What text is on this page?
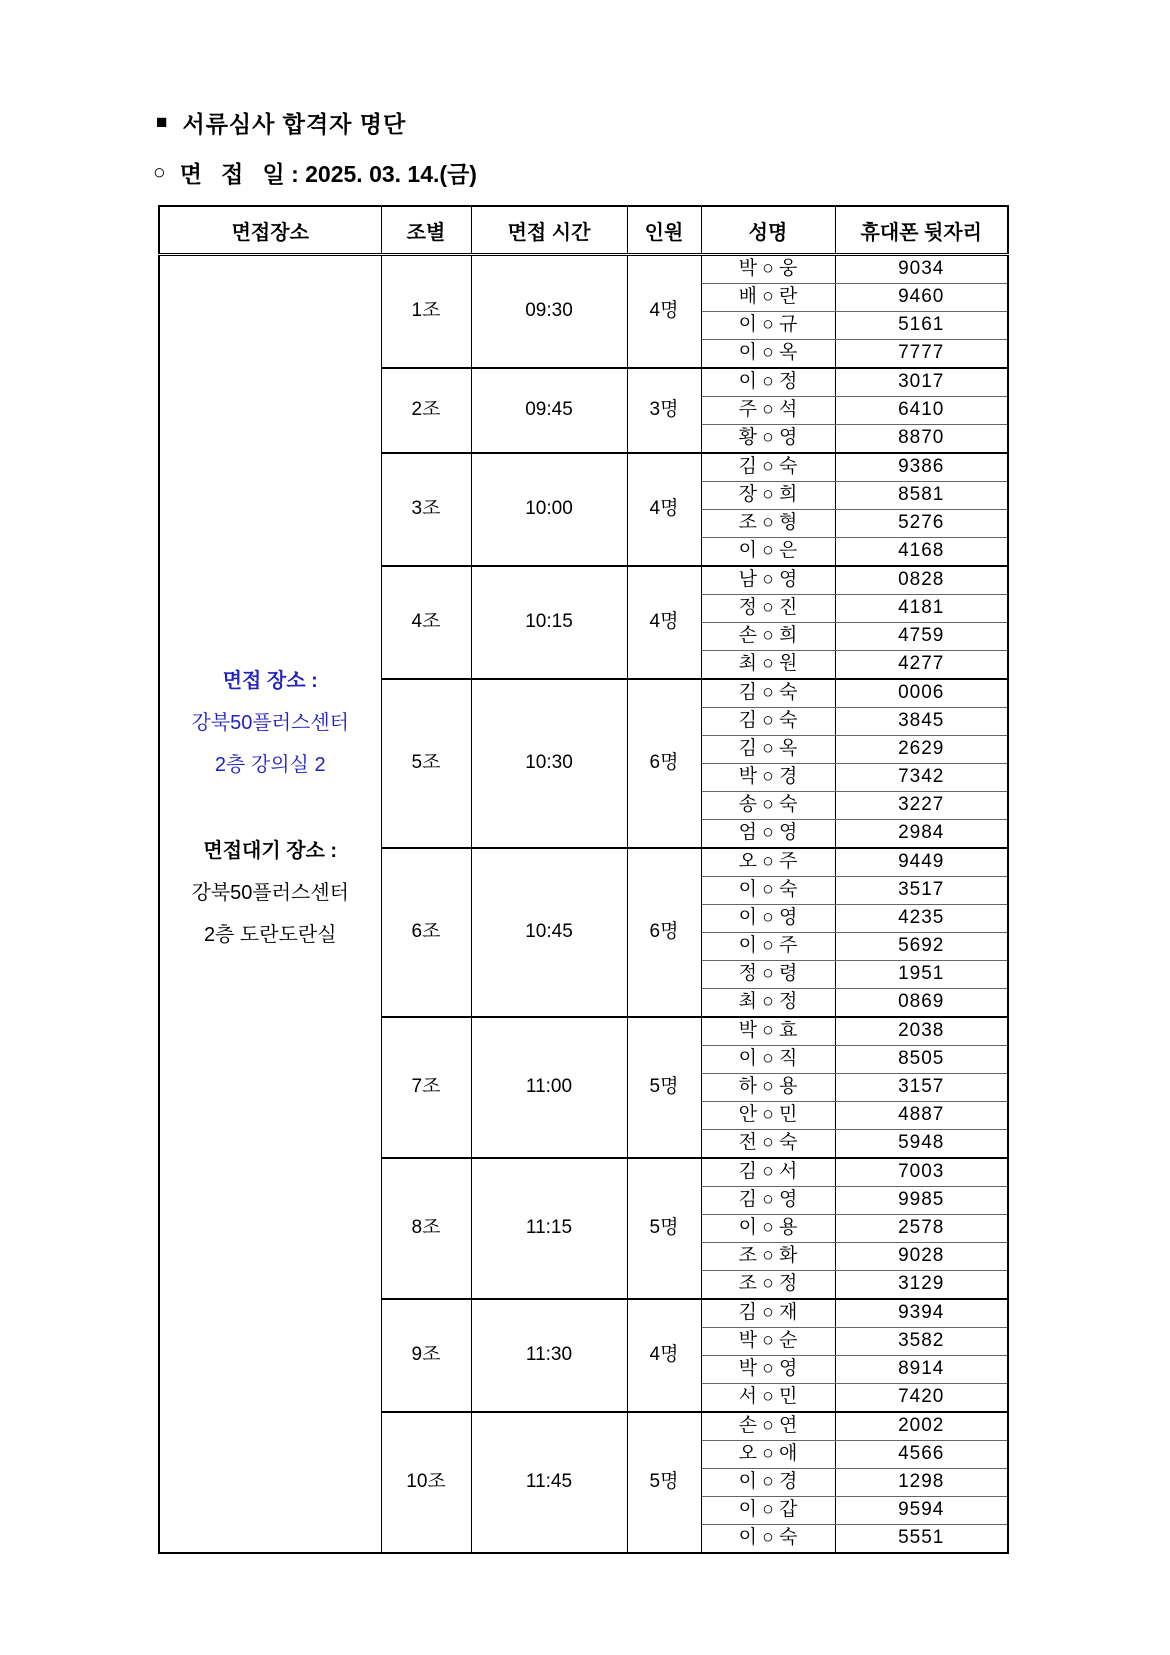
■ 서류심사 합격자 명단
○ 면   접   일 : 2025. 03. 14.(금)
면접장소	조별	면접 시간	인원	성명	휴대폰 뒷자리

면접 장소 :
강북50플러스센터
2층 강의실 2
면접대기 장소 :
강북50플러스센터
2층 도란도란실
	1조	09:30	4명	박 ○ 웅	9034
				배 ○ 란	9460
				이 ○ 규	5161
				이 ○ 옥	7777
	2조	09:45	3명	이 ○ 정	3017
				주 ○ 석	6410
				황 ○ 영	8870
	3조	10:00	4명	김 ○ 숙	9386
				장 ○ 희	8581
				조 ○ 형	5276
				이 ○ 은	4168
	4조	10:15	4명	남 ○ 영	0828
				정 ○ 진	4181
				손 ○ 희	4759
				최 ○ 원	4277
	5조	10:30	6명	김 ○ 숙	0006
				김 ○ 숙	3845
				김 ○ 옥	2629
				박 ○ 경	7342
				송 ○ 숙	3227
				엄 ○ 영	2984
	6조	10:45	6명	오 ○ 주	9449
				이 ○ 숙	3517
				이 ○ 영	4235
				이 ○ 주	5692
				정 ○ 령	1951
				최 ○ 정	0869
	7조	11:00	5명	박 ○ 효	2038
				이 ○ 직	8505
				하 ○ 용	3157
				안 ○ 민	4887
				전 ○ 숙	5948
	8조	11:15	5명	김 ○ 서	7003
				김 ○ 영	9985
				이 ○ 용	2578
				조 ○ 화	9028
				조 ○ 정	3129
	9조	11:30	4명	김 ○ 재	9394
				박 ○ 순	3582
				박 ○ 영	8914
				서 ○ 민	7420
	10조	11:45	5명	손 ○ 연	2002
				오 ○ 애	4566
				이 ○ 경	1298
				이 ○ 갑	9594
				이 ○ 숙	5551
